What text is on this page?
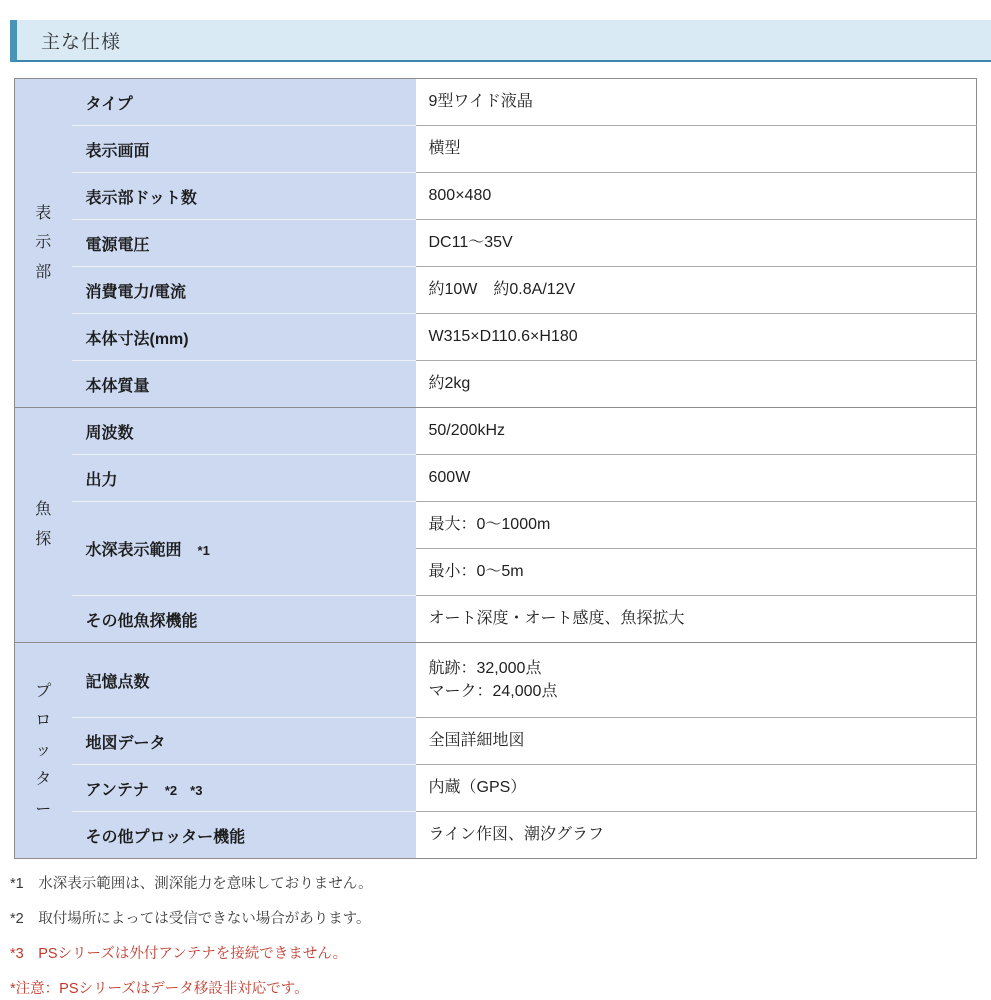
主な仕様
表示部	タイプ	9型ワイド液晶
	表示画面	横型
	表示部ドット数	800×480
	電源電圧	DC11～35V
	消費電力/電流	約10W　約0.8A/12V
	本体寸法(mm)	W315×D110.6×H180
	本体質量	約2kg
魚探	周波数	50/200kHz
	出力	600W
	水深表示範囲 *1	最大：0～1000m
		最小：0～5m
	その他魚探機能	オート深度・オート感度、魚探拡大
プロッター	記憶点数	航跡：32,000点
マーク：24,000点

	地図データ	全国詳細地図
	アンテナ *2　*3	内蔵（GPS）
	その他プロッター機能	ライン作図、潮汐グラフ
*1　水深表示範囲は、測深能力を意味しておりません。
*2　取付場所によっては受信できない場合があります。
*3　PSシリーズは外付アンテナを接続できません。
*注意：PSシリーズはデータ移設非対応です。
